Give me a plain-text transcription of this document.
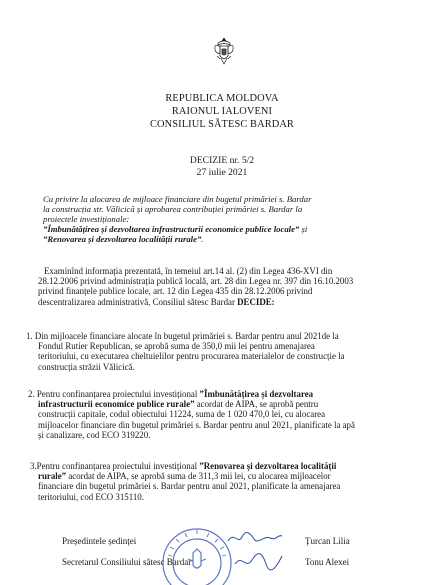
REPUBLICA MOLDOVA
RAIONUL IALOVENI
CONSILIUL SĂTESC BARDAR
DECIZIE nr. 5/2
27 iulie 2021
Cu privire la alocarea de mijloace financiare din bugetul primăriei s. Bardar
la construcția str. Vălicică și aprobarea contribuției primăriei s. Bardar la
proiectele investiționale:
”Îmbunătățirea și dezvoltarea infrastructurii economice publice locale” și
”Renovarea și dezvoltarea localității rurale”.
Examinînd informația prezentată, în temeiul art.14 al. (2) din Legea 436-XVI din
28.12.2006 privind administrația publică locală, art. 28 din Legea nr. 397 din 16.10.2003
privind finanțele publice locale, art. 12 din Legea 435 din 28.12.2006 privind
descentralizarea administrativă, Consiliul sătesc Bardar DECIDE:
1. Din mijloacele financiare alocate în bugetul primăriei s. Bardar pentru anul 2021de la
Fondul Rutier Republican, se aprobă suma de 350,0 mii lei pentru amenajarea
teritoriului, cu executarea cheltuielilor pentru procurarea materialelor de construcție la
construcția străzii Vălicică.
2. Pentru confinanțarea proiectului investițional ”Îmbunătățirea și dezvoltarea
infrastructurii economice publice rurale” acordat de AIPA, se aprobă pentru
construcții capitale, codul obiectului 11224, suma de 1 020 470,0 lei, cu alocarea
mijloacelor financiare din bugetul primăriei s. Bardar pentru anul 2021, planificate la apă
și canalizare, cod ECO 319220.
3.Pentru confinanțarea proiectului investițional ”Renovarea și dezvoltarea localității
rurale” acordat de AIPA, se aprobă suma de 311,3 mii lei, cu alocarea mijloacelor
financiare din bugetul primăriei s. Bardar pentru anul 2021, planificate la amenajarea
teritoriului, cod ECO 315110.
Președintele ședinței	Țurcan Lilia
Secretarul Consiliului sătesc Bardar	Tonu Alexei
